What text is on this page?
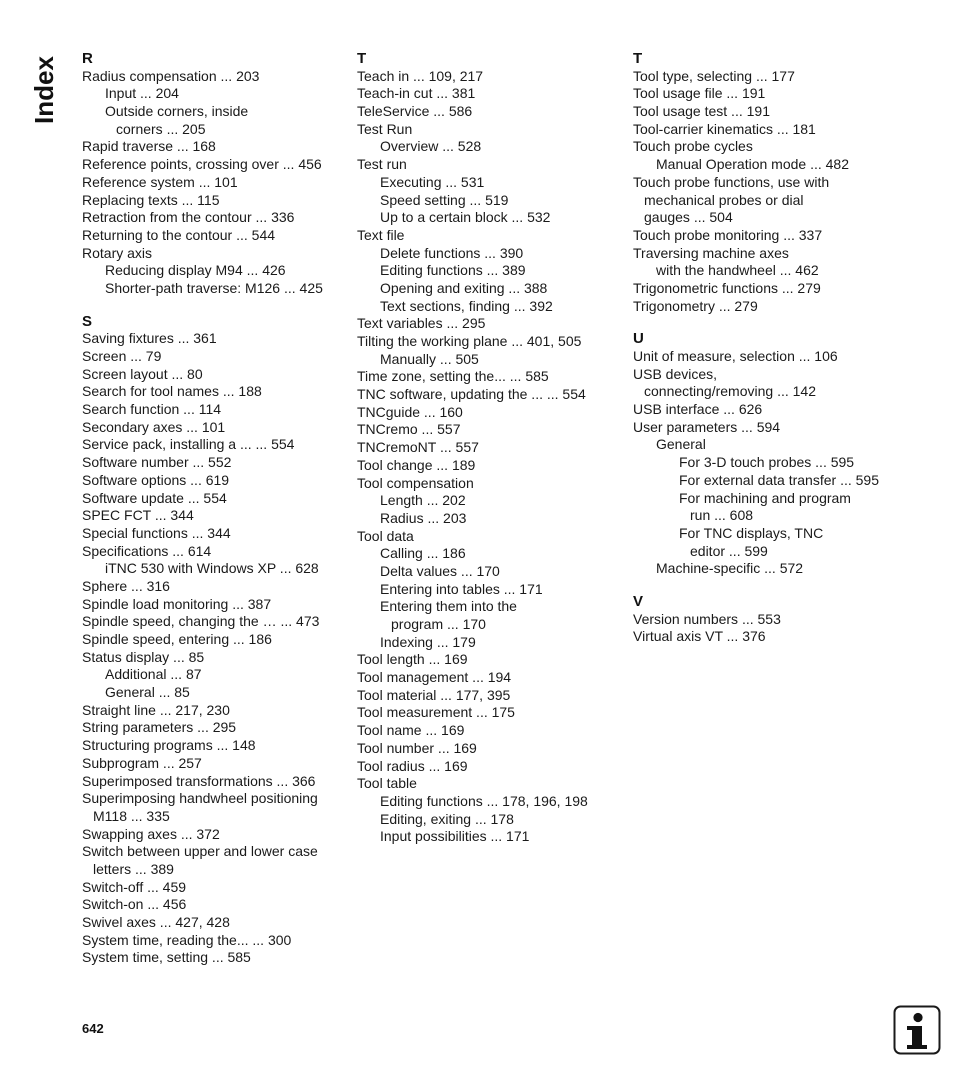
Index R
Radius compensation ... 203
Input ... 204
Outside corners, inside
corners ... 205
Rapid traverse ... 168
Reference points, crossing over ... 456
Reference system ... 101
Replacing texts ... 115
Retraction from the contour ... 336
Returning to the contour ... 544
Rotary axis
Reducing display M94 ... 426
Shorter-path traverse: M126 ... 425
S
Saving fixtures ... 361
Screen ... 79
Screen layout ... 80
Search for tool names ... 188
Search function ... 114
Secondary axes ... 101
Service pack, installing a ... ... 554
Software number ... 552
Software options ... 619
Software update ... 554
SPEC FCT ... 344
Special functions ... 344
Specifications ... 614
iTNC 530 with Windows XP ... 628
Sphere ... 316
Spindle load monitoring ... 387
Spindle speed, changing the … ... 473
Spindle speed, entering ... 186
Status display ... 85
Additional ... 87
General ... 85
Straight line ... 217, 230
String parameters ... 295
Structuring programs ... 148
Subprogram ... 257
Superimposed transformations ... 366
Superimposing handwheel positioning
M118 ... 335
Swapping axes ... 372
Switch between upper and lower case
letters ... 389
Switch-off ... 459
Switch-on ... 456
Swivel axes ... 427, 428
System time, reading the... ... 300
System time, setting ... 585
T
Teach in ... 109, 217
Teach-in cut ... 381
TeleService ... 586
Test Run
Overview ... 528
Test run
Executing ... 531
Speed setting ... 519
Up to a certain block ... 532
Text file
Delete functions ... 390
Editing functions ... 389
Opening and exiting ... 388
Text sections, finding ... 392
Text variables ... 295
Tilting the working plane ... 401, 505
Manually ... 505
Time zone, setting the... ... 585
TNC software, updating the ... ... 554
TNCguide ... 160
TNCremo ... 557
TNCremoNT ... 557
Tool change ... 189
Tool compensation
Length ... 202
Radius ... 203
Tool data
Calling ... 186
Delta values ... 170
Entering into tables ... 171
Entering them into the
program ... 170
Indexing ... 179
Tool length ... 169
Tool management ... 194
Tool material ... 177, 395
Tool measurement ... 175
Tool name ... 169
Tool number ... 169
Tool radius ... 169
Tool table
Editing functions ... 178, 196, 198
Editing, exiting ... 178
Input possibilities ... 171
T
Tool type, selecting ... 177
Tool usage file ... 191
Tool usage test ... 191
Tool-carrier kinematics ... 181
Touch probe cycles
Manual Operation mode ... 482
Touch probe functions, use with
mechanical probes or dial
gauges ... 504
Touch probe monitoring ... 337
Traversing machine axes
with the handwheel ... 462
Trigonometric functions ... 279
Trigonometry ... 279
U
Unit of measure, selection ... 106
USB devices,
connecting/removing ... 142
USB interface ... 626
User parameters ... 594
General
For 3-D touch probes ... 595
For external data transfer ... 595
For machining and program
run ... 608
For TNC displays, TNC
editor ... 599
Machine-specific ... 572
V
Version numbers ... 553
Virtual axis VT ... 376
642
